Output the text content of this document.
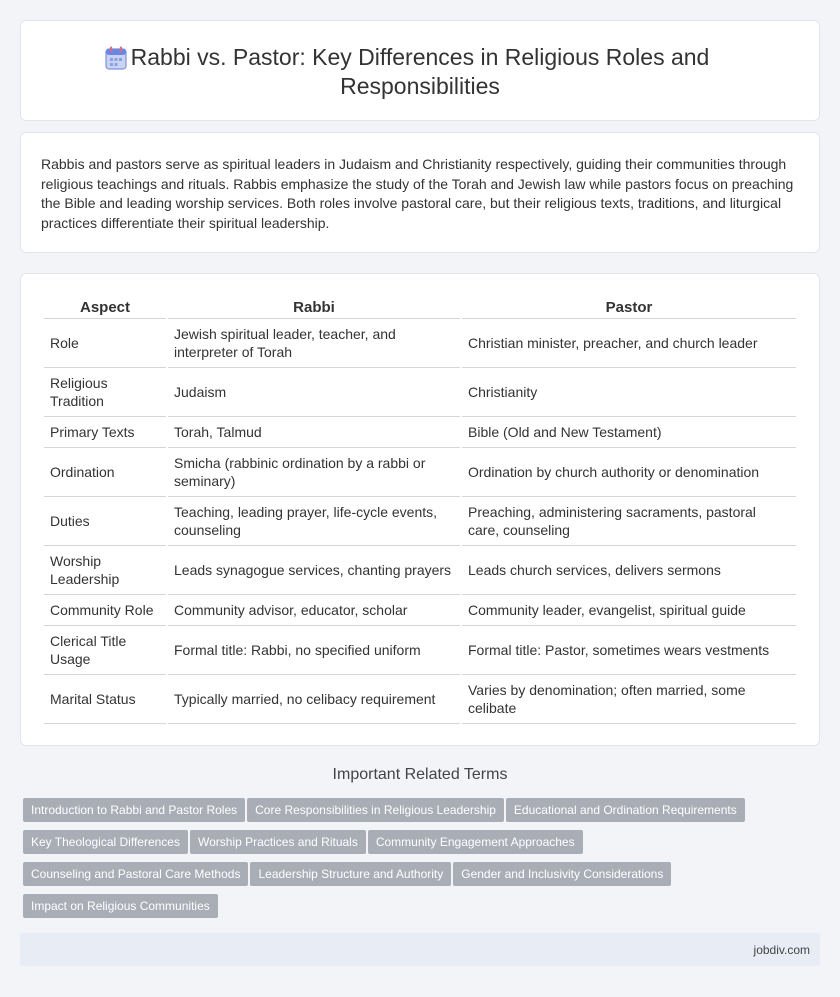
Rabbi vs. Pastor: Key Differences in Religious Roles and Responsibilities

Rabbis and pastors serve as spiritual leaders in Judaism and Christianity respectively, guiding their communities through religious teachings and rituals. Rabbis emphasize the study of the Torah and Jewish law while pastors focus on preaching the Bible and leading worship services. Both roles involve pastoral care, but their religious texts, traditions, and liturgical practices differentiate their spiritual leadership.

Aspect	Rabbi	Pastor
Role	Jewish spiritual leader, teacher, and interpreter of Torah	Christian minister, preacher, and church leader
Religious Tradition	Judaism	Christianity
Primary Texts	Torah, Talmud	Bible (Old and New Testament)
Ordination	Smicha (rabbinic ordination by a rabbi or seminary)	Ordination by church authority or denomination
Duties	Teaching, leading prayer, life-cycle events, counseling	Preaching, administering sacraments, pastoral care, counseling
Worship Leadership	Leads synagogue services, chanting prayers	Leads church services, delivers sermons
Community Role	Community advisor, educator, scholar	Community leader, evangelist, spiritual guide
Clerical Title Usage	Formal title: Rabbi, no specified uniform	Formal title: Pastor, sometimes wears vestments
Marital Status	Typically married, no celibacy requirement	Varies by denomination; often married, some celibate
Important Related Terms
Introduction to Rabbi and Pastor Roles Core Responsibilities in Religious Leadership Educational and Ordination Requirements
Key Theological Differences Worship Practices and Rituals Community Engagement Approaches
Counseling and Pastoral Care Methods Leadership Structure and Authority Gender and Inclusivity Considerations
Impact on Religious Communities
jobdiv.com
